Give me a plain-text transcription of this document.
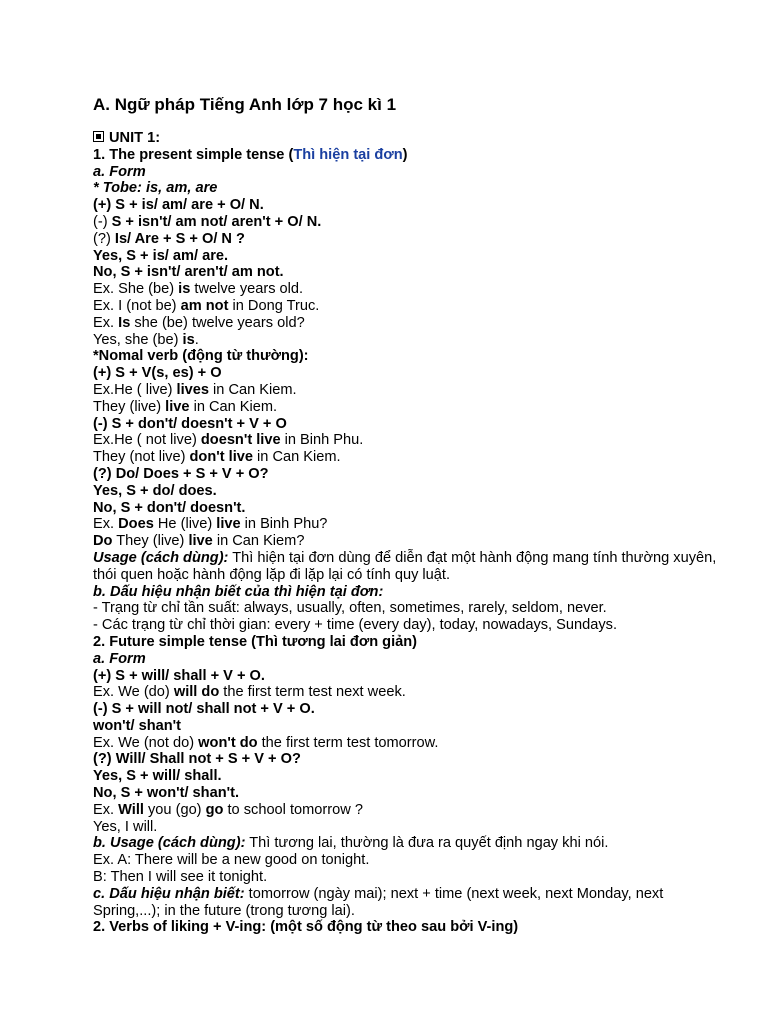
A. Ngữ pháp Tiếng Anh lớp 7 học kì 1
UNIT 1:
1. The present simple tense (Thì hiện tại đơn)
a. Form
* Tobe: is, am, are
(+) S + is/ am/ are + O/ N.
(-) S + isn't/ am not/ aren't + O/ N.
(?) Is/ Are + S + O/ N ?
Yes, S + is/ am/ are.
No, S + isn't/ aren't/ am not.
Ex. She (be) is twelve years old.
Ex. I (not be) am not in Dong Truc.
Ex. Is she (be) twelve years old?
Yes, she (be) is.
*Nomal verb (động từ thường):
(+) S + V(s, es) + O
Ex.He ( live) lives in Can Kiem.
They (live) live in Can Kiem.
(-) S + don't/ doesn't + V + O
Ex.He ( not live) doesn't live in Binh Phu.
They (not live) don't live in Can Kiem.
(?) Do/ Does + S + V + O?
Yes, S + do/ does.
No, S + don't/ doesn't.
Ex. Does He (live) live in Binh Phu?
Do They (live) live in Can Kiem?
Usage (cách dùng): Thì hiện tại đơn dùng để diễn đạt một hành động mang tính thường xuyên, thói quen hoặc hành động lặp đi lặp lại có tính quy luật.
b. Dấu hiệu nhận biết của thì hiện tại đơn:
- Trạng từ chỉ tần suất: always, usually, often, sometimes, rarely, seldom, never.
- Các trạng từ chỉ thời gian: every + time (every day), today, nowadays, Sundays.
2. Future simple tense (Thì tương lai đơn giản)
a. Form
(+) S + will/ shall + V + O.
Ex. We (do) will do the first term test next week.
(-) S + will not/ shall not + V + O.
won't/ shan't
Ex. We (not do) won't do the first term test tomorrow.
(?) Will/ Shall not + S + V + O?
Yes, S + will/ shall.
No, S + won't/ shan't.
Ex. Will you (go) go to school tomorrow ?
Yes, I will.
b. Usage (cách dùng): Thì tương lai, thường là đưa ra quyết định ngay khi nói.
Ex. A: There will be a new good on tonight.
B: Then I will see it tonight.
c. Dấu hiệu nhận biết: tomorrow (ngày mai); next + time (next week, next Monday, next Spring,...); in the future (trong tương lai).
2. Verbs of liking + V-ing: (một số động từ theo sau bởi V-ing)
